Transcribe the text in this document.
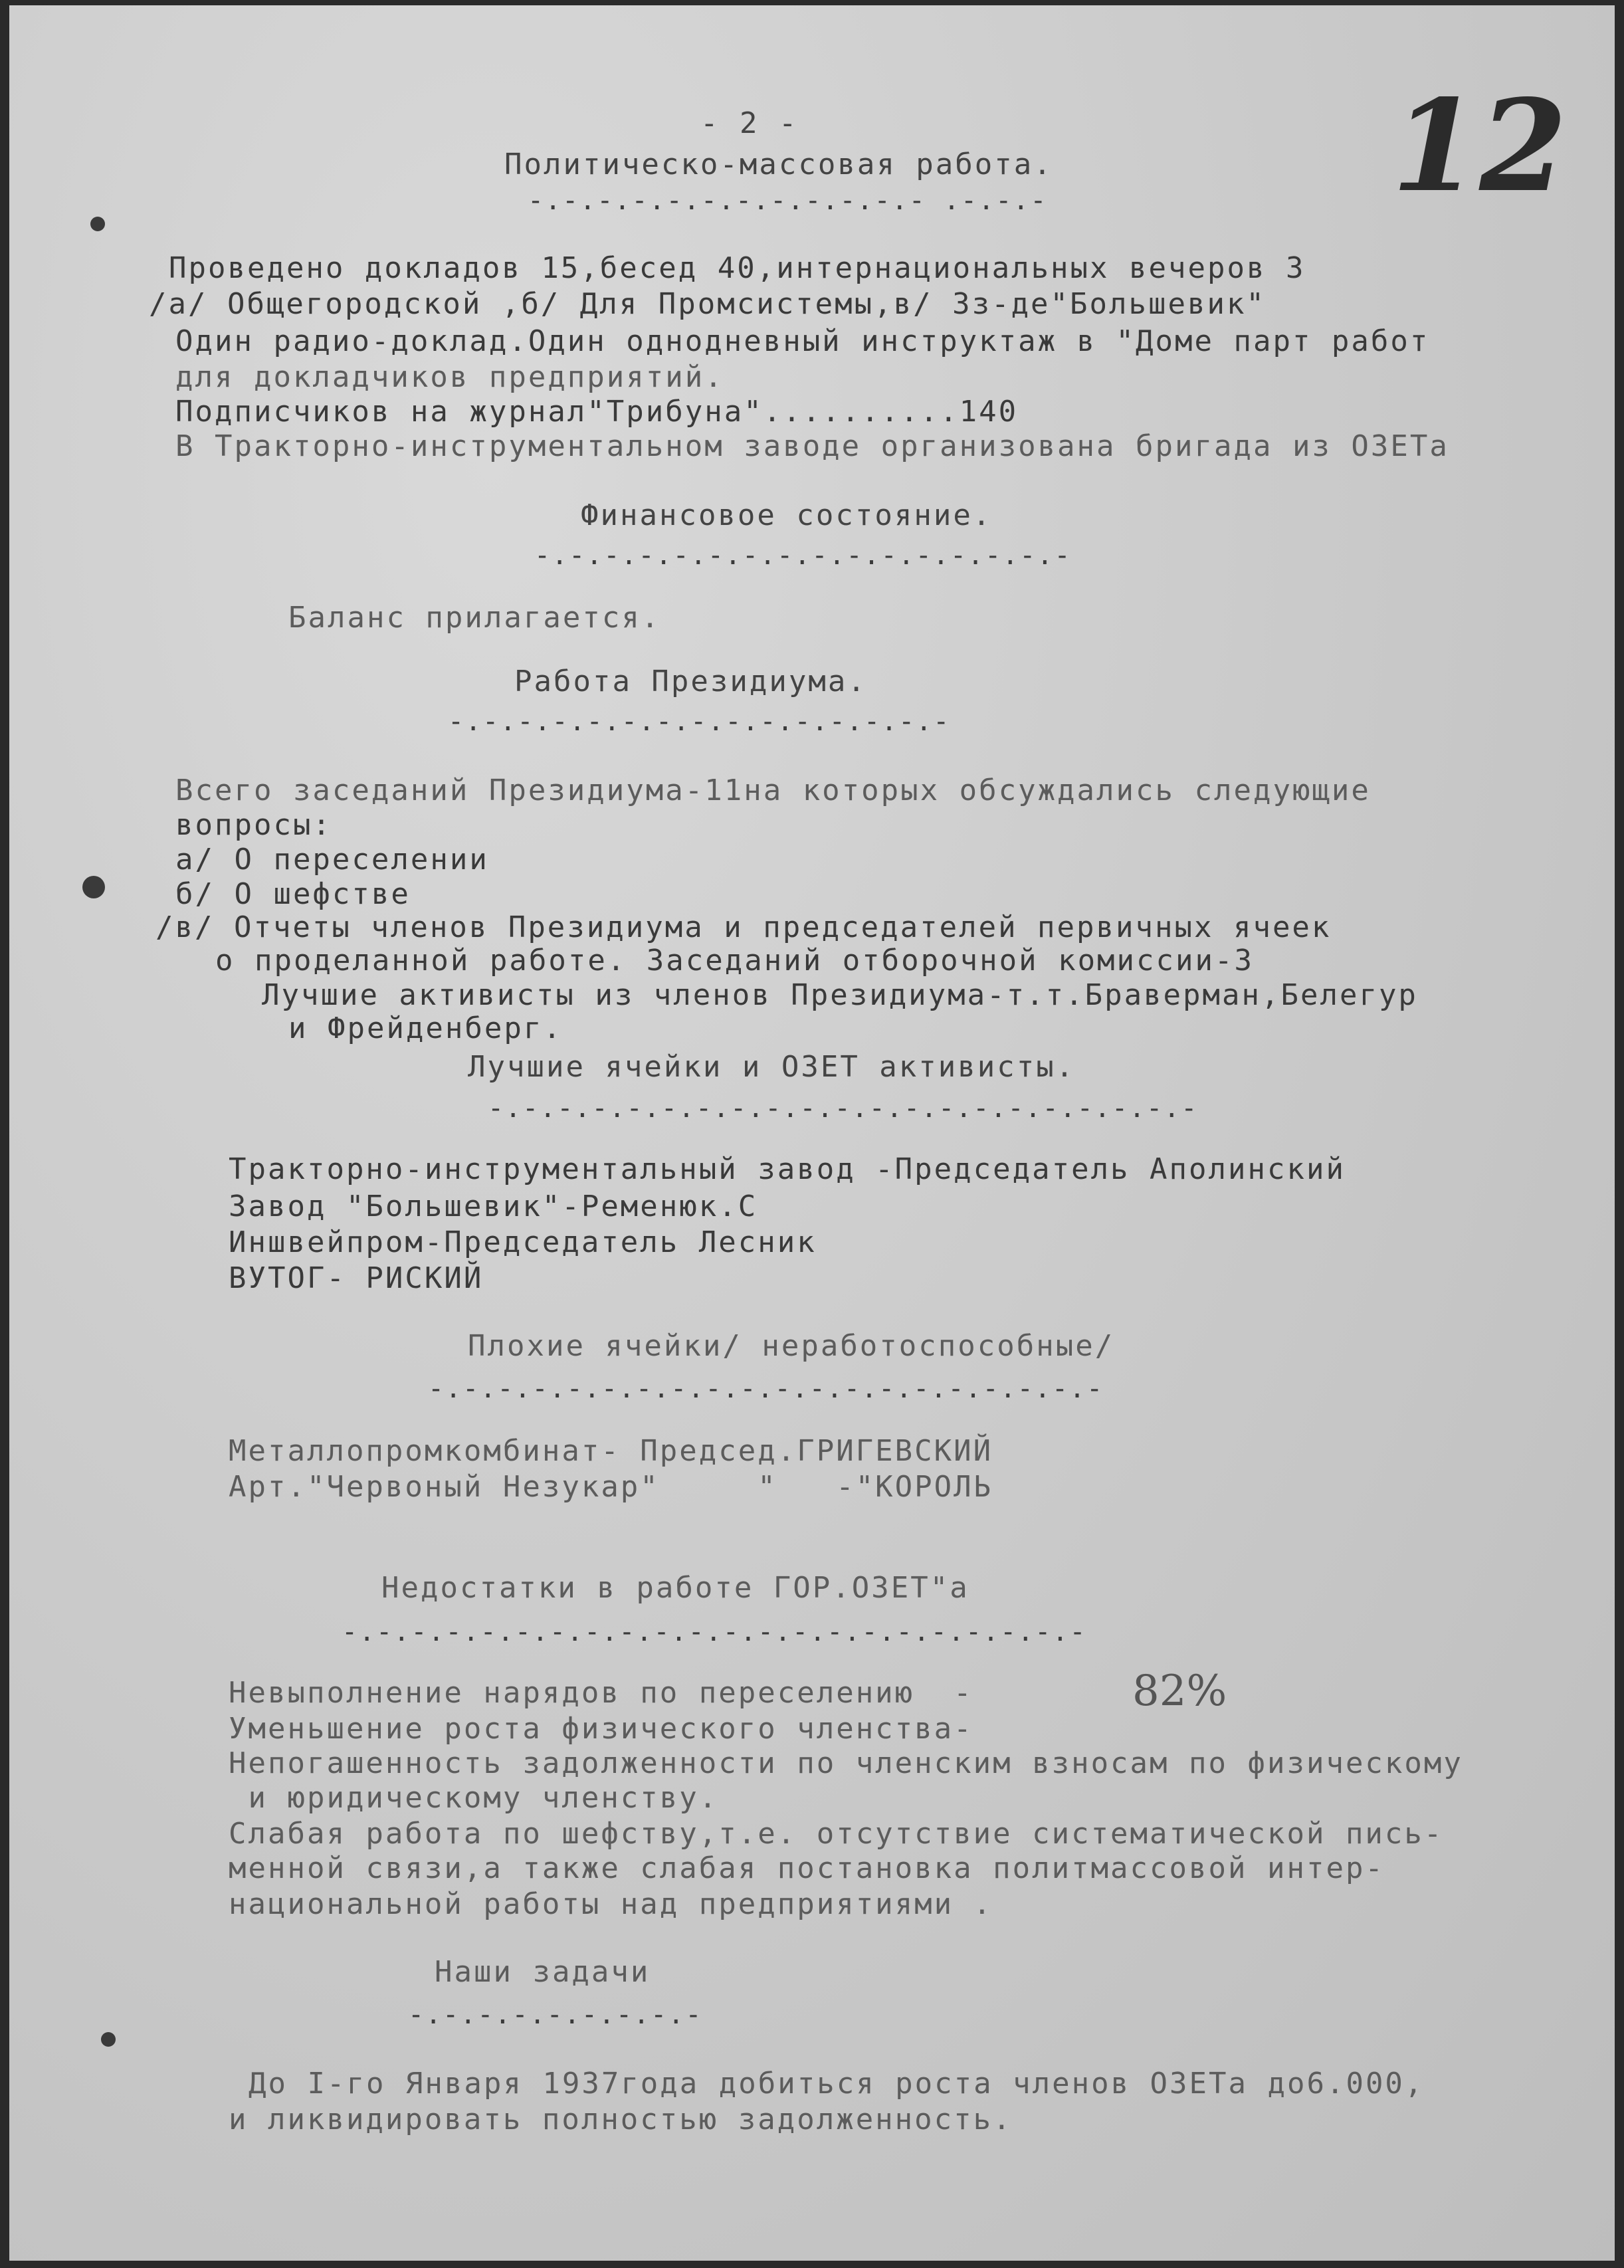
12
- 2 -
Политическо-массовая работа.
-.-.-.-.-.-.-.-.-.-.-.- .-.-.-
Проведено докладов 15,бесед 40,интернациональных вечеров 3
/а/ Общегородской ,б/ Для Промсистемы,в/ Зз-де"Большевик"
Один радио-доклад.Один однодневный инструктаж в "Доме парт работ
для докладчиков предприятий.
Подписчиков на журнал"Трибуна"..........140
В Тракторно-инструментальном заводе организована бригада из ОЗЕТа
Финансовое состояние.
-.-.-.-.-.-.-.-.-.-.-.-.-.-.-.-
Баланс прилагается.
Работа Президиума.
-.-.-.-.-.-.-.-.-.-.-.-.-.-.-
Всего заседаний Президиума-11на которых обсуждались следующие
вопросы:
а/ О переселении
б/ О шефстве
/в/ Отчеты членов Президиума и председателей первичных ячеек
о проделанной работе. Заседаний отборочной комиссии-3
Лучшие активисты из членов Президиума-т.т.Браверман,Белегур
и Фрейденберг.
Лучшие ячейки и ОЗЕТ активисты.
-.-.-.-.-.-.-.-.-.-.-.-.-.-.-.-.-.-.-.-.-
Тракторно-инструментальный завод -Председатель Аполинский
Завод "Большевик"-Ременюк.С
Иншвейпром-Председатель Лесник
ВУТОГ- РИСКИЙ
Плохие ячейки/ неработоспособные/
-.-.-.-.-.-.-.-.-.-.-.-.-.-.-.-.-.-.-.-
Металлопромкомбинат- Председ.ГРИГЕВСКИЙ
Арт."Червоный Незукар"     "   -"КОРОЛЬ
Недостатки в работе ГОР.ОЗЕТ"а
-.-.-.-.-.-.-.-.-.-.-.-.-.-.-.-.-.-.-.-.-.-
Невыполнение нарядов по переселению  -	82%
Уменьшение роста физического членства-
Непогашенность задолженности по членским взносам по физическому
и юридическому членству.
Слабая работа по шефству,т.е. отсутствие систематической пись-
менной связи,а также слабая постановка политмассовой интер-
национальной работы над предприятиями .
Наши задачи
-.-.-.-.-.-.-.-.-
До I-го Января 1937года добиться роста членов ОЗЕТа до6.000,
и ликвидировать полностью задолженность.
